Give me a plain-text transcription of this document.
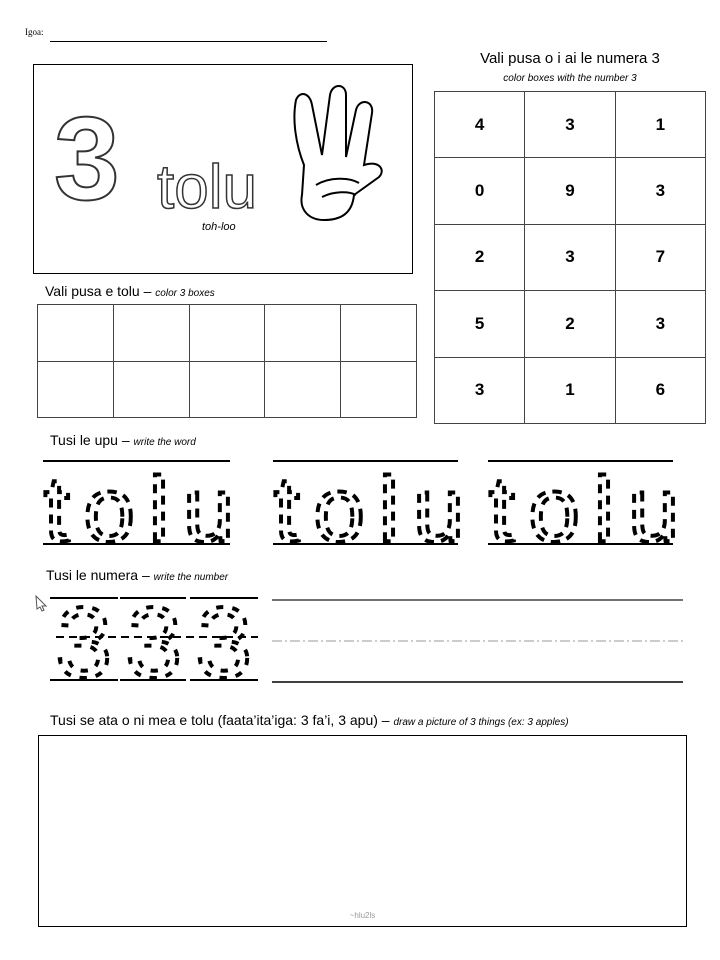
Igoa:
3 tolu
toh-loo
Vali pusa o i ai le numera 3
color boxes with the number 3
4	3	1
0	9	3
2	3	7
5	2	3
3	1	6
Vali pusa e tolu – color 3 boxes

Tusi le upu – write the word
tolu tolu tolu
Tusi le numera – write the number
3 3 3
Tusi se ata o ni mea e tolu (faata’ita’iga: 3 fa’i, 3 apu) – draw a picture of 3 things (ex: 3 apples)
~hlu2ls
